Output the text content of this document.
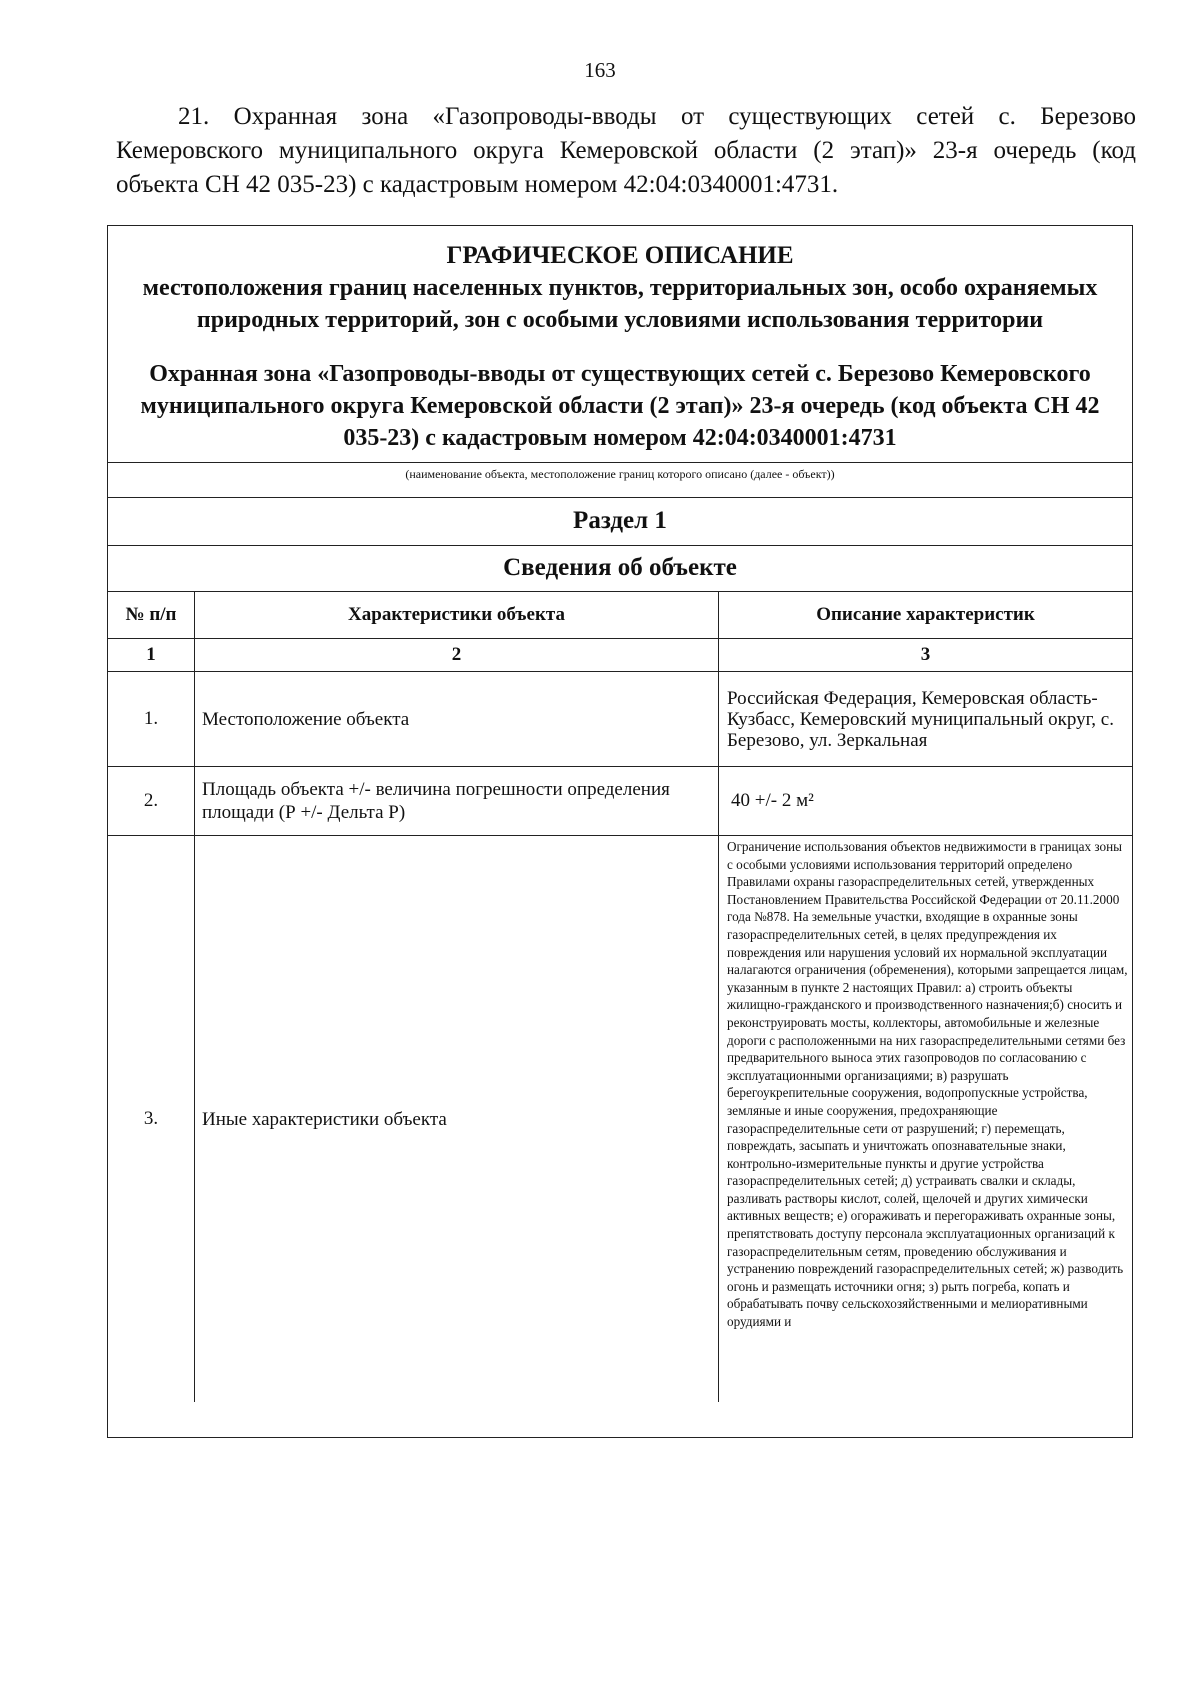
163
21. Охранная зона «Газопроводы-вводы от существующих сетей с. Березово Кемеровского муниципального округа Кемеровской области (2 этап)» 23-я очередь (код объекта СН 42 035-23) с кадастровым номером 42:04:0340001:4731.
ГРАФИЧЕСКОЕ ОПИСАНИЕ
местоположения границ населенных пунктов, территориальных зон, особо охраняемых природных территорий, зон с особыми условиями использования территории
Охранная зона «Газопроводы-вводы от существующих сетей с. Березово Кемеровского муниципального округа Кемеровской области (2 этап)» 23-я очередь (код объекта СН 42 035-23) с кадастровым номером 42:04:0340001:4731
(наименование объекта, местоположение границ которого описано (далее - объект))
Раздел 1
Сведения об объекте
№ п/п	Характеристики объекта	Описание характеристик
1	2	3
1.	Местоположение объекта	Российская Федерация, Кемеровская область-Кузбасс, Кемеровский муниципальный округ, с. Березово, ул. Зеркальная
2.	Площадь объекта +/- величина погрешности определения площади (Р +/- Дельта Р)	40 +/- 2 м²
3.	Иные характеристики объекта	Ограничение использования объектов недвижимости в границах зоны с особыми условиями использования территорий определено Правилами охраны газораспределительных сетей, утвержденных Постановлением Правительства Российской Федерации от 20.11.2000 года №878. На земельные участки, входящие в охранные зоны газораспределительных сетей, в целях предупреждения их повреждения или нарушения условий их нормальной эксплуатации налагаются ограничения (обременения), которыми запрещается лицам, указанным в пункте 2 настоящих Правил: а) строить объекты жилищно-гражданского и производственного назначения;б) сносить и реконструировать мосты, коллекторы, автомобильные и железные дороги с расположенными на них газораспределительными сетями без предварительного выноса этих газопроводов по согласованию с эксплуатационными организациями; в) разрушать берегоукрепительные сооружения, водопропускные устройства, земляные и иные сооружения, предохраняющие газораспределительные сети от разрушений; г) перемещать, повреждать, засыпать и уничтожать опознавательные знаки, контрольно-измерительные пункты и другие устройства газораспределительных сетей; д) устраивать свалки и склады, разливать растворы кислот, солей, щелочей и других химически активных веществ; е) огораживать и перегораживать охранные зоны, препятствовать доступу персонала эксплуатационных организаций к газораспределительным сетям, проведению обслуживания и устранению повреждений газораспределительных сетей; ж) разводить огонь и размещать источники огня; з) рыть погреба, копать и обрабатывать почву сельскохозяйственными и мелиоративными орудиями и
